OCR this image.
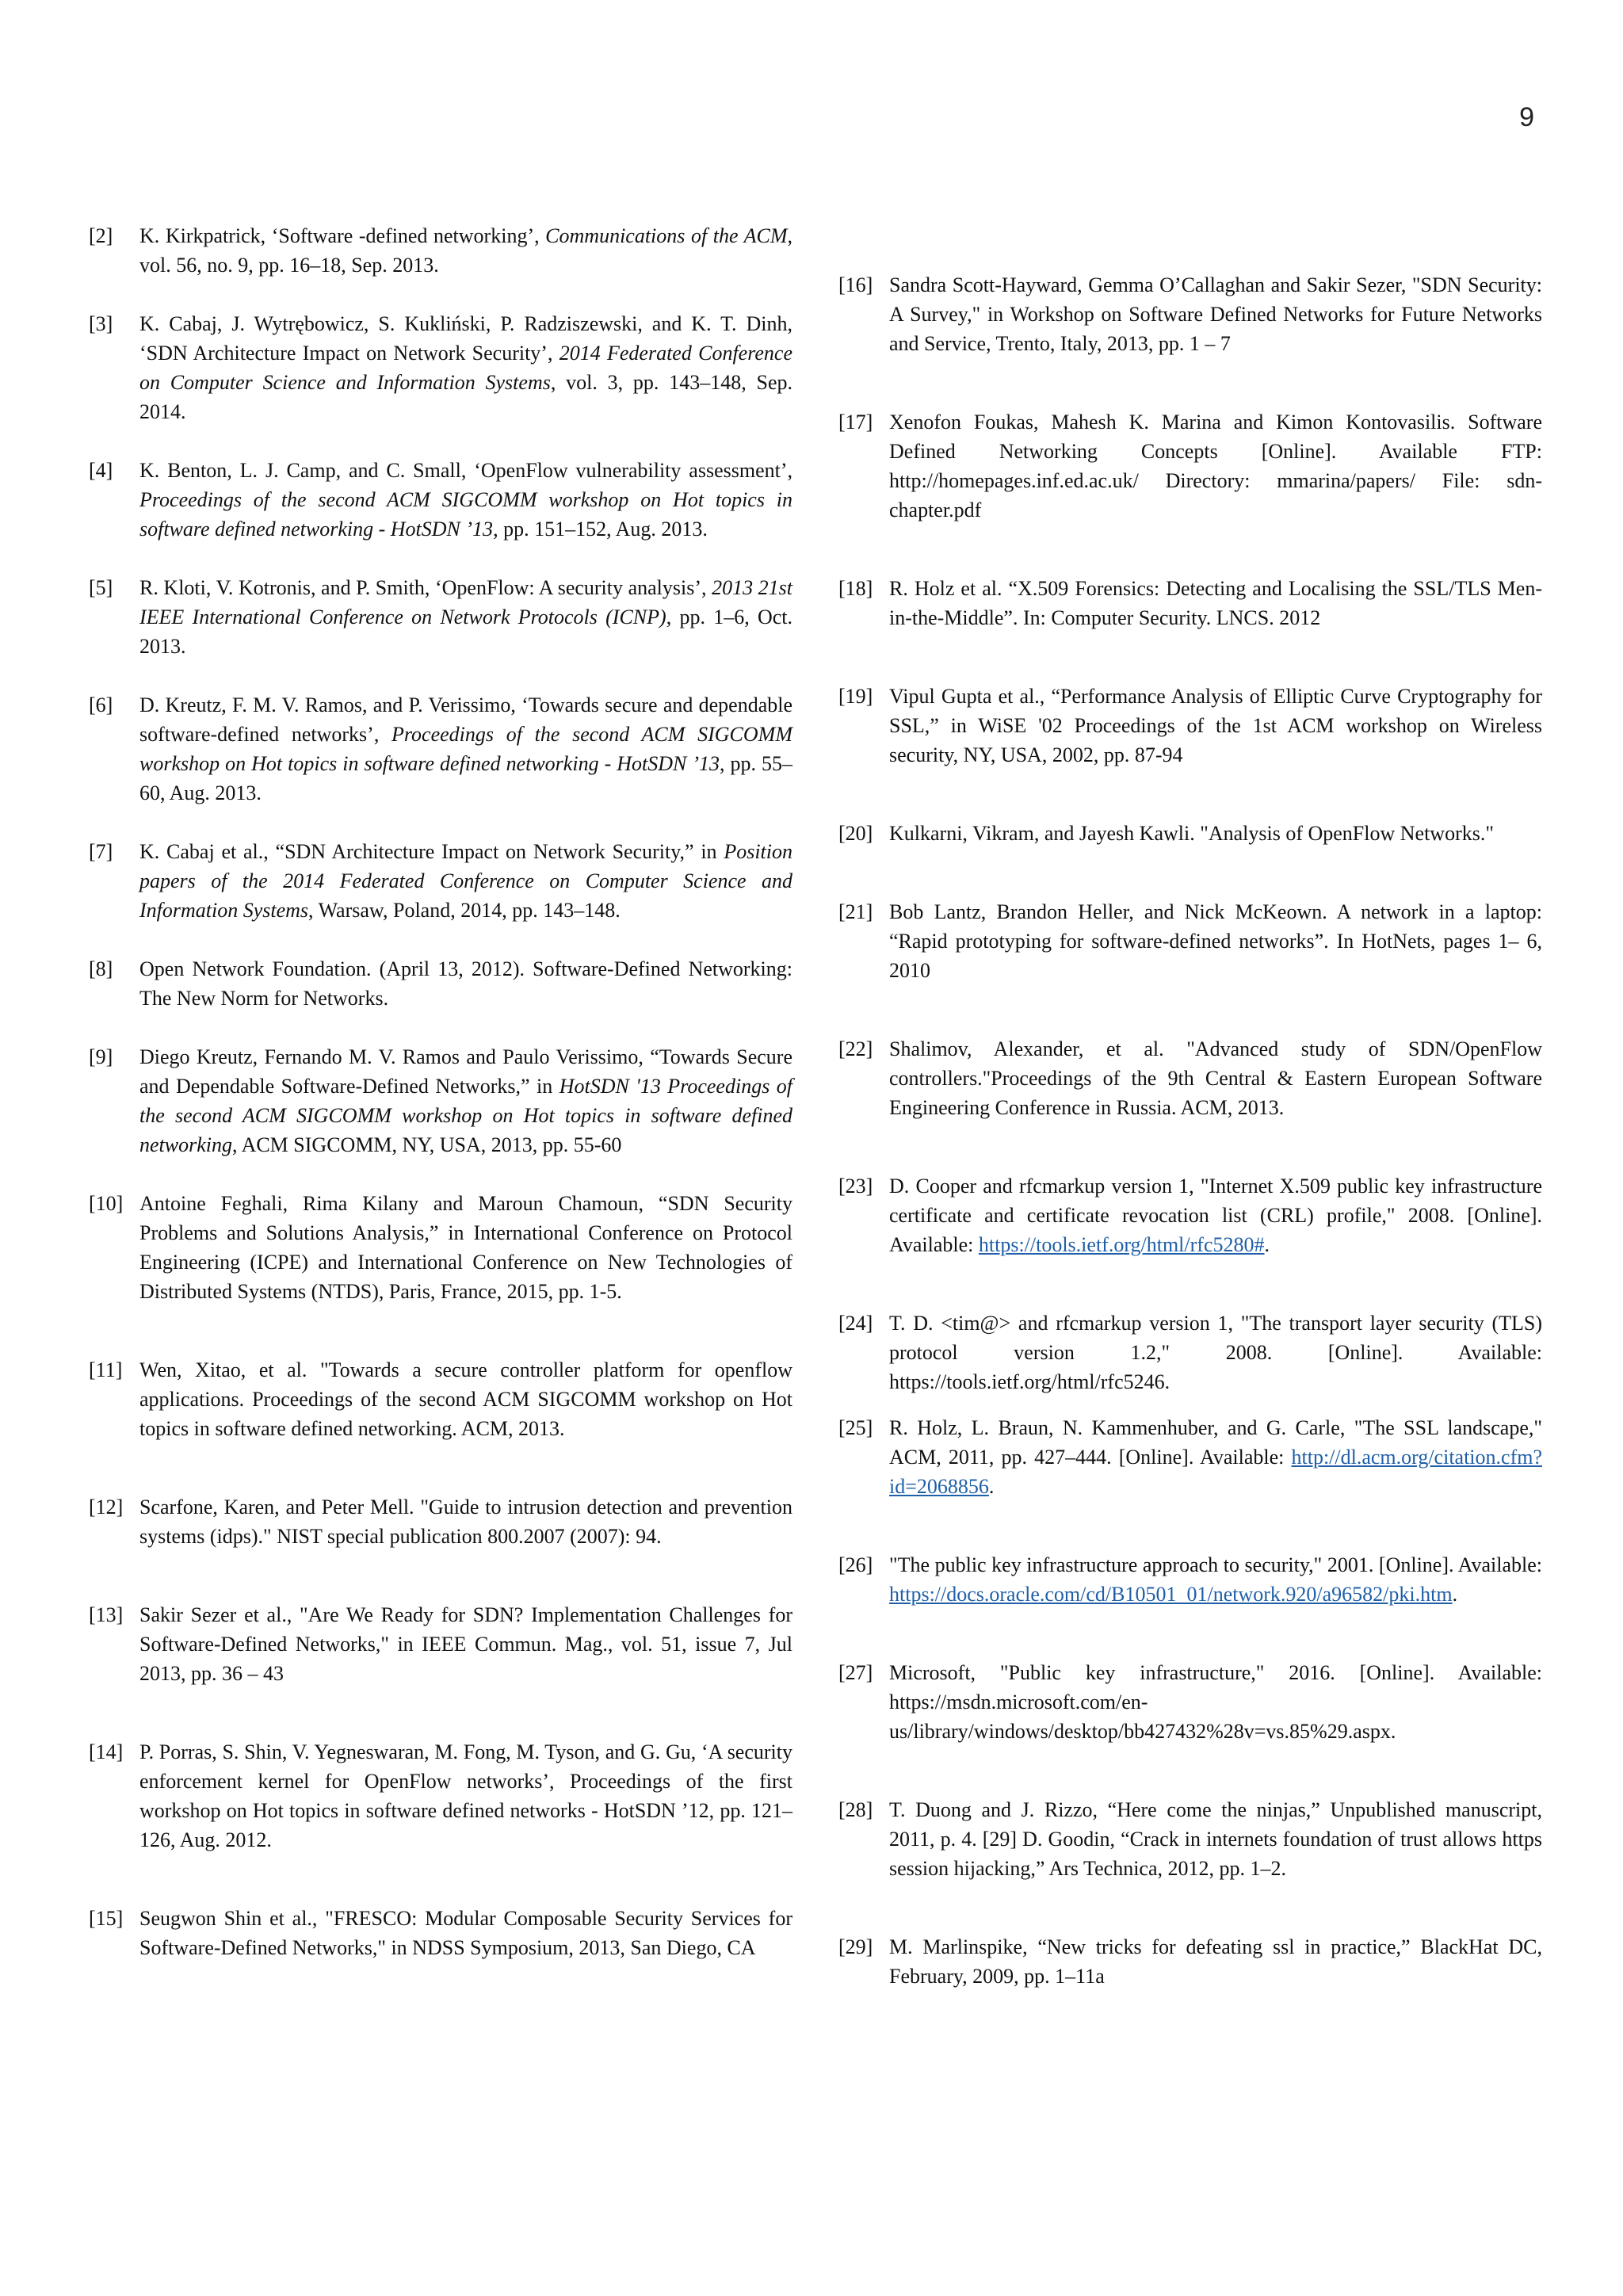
9
[2]	K. Kirkpatrick, ‘Software -defined networking’, Communications of the ACM, vol. 56, no. 9, pp. 16–18, Sep. 2013.
[3]	K. Cabaj, J. Wytrębowicz, S. Kukliński, P. Radziszewski, and K. T. Dinh, ‘SDN Architecture Impact on Network Security’, 2014 Federated Conference on Computer Science and Information Systems, vol. 3, pp. 143–148, Sep. 2014.
[4]	K. Benton, L. J. Camp, and C. Small, ‘OpenFlow vulnerability assessment’, Proceedings of the second ACM SIGCOMM workshop on Hot topics in software defined networking - HotSDN ’13, pp. 151–152, Aug. 2013.
[5]	R. Kloti, V. Kotronis, and P. Smith, ‘OpenFlow: A security analysis’, 2013 21st IEEE International Conference on Network Protocols (ICNP), pp. 1–6, Oct. 2013.
[6]	D. Kreutz, F. M. V. Ramos, and P. Verissimo, ‘Towards secure and dependable software-defined networks’, Proceedings of the second ACM SIGCOMM workshop on Hot topics in software defined networking - HotSDN ’13, pp. 55–60, Aug. 2013.
[7]	K. Cabaj et al., “SDN Architecture Impact on Network Security,” in Position papers of the 2014 Federated Conference on Computer Science and Information Systems, Warsaw, Poland, 2014, pp. 143–148.
[8]	Open Network Foundation. (April 13, 2012). Software-Defined Networking: The New Norm for Networks.
[9]	Diego Kreutz, Fernando M. V. Ramos and Paulo Verissimo, “Towards Secure and Dependable Software-Defined Networks,” in HotSDN '13 Proceedings of the second ACM SIGCOMM workshop on Hot topics in software defined networking, ACM SIGCOMM, NY, USA, 2013, pp. 55-60
[10] Antoine Feghali, Rima Kilany and Maroun Chamoun, “SDN Security Problems and Solutions Analysis,” in International Conference on Protocol Engineering (ICPE) and International Conference on New Technologies of Distributed Systems (NTDS), Paris, France, 2015, pp. 1-5.
[11] Wen, Xitao, et al. "Towards a secure controller platform for openflow applications. Proceedings of the second ACM SIGCOMM workshop on Hot topics in software defined networking. ACM, 2013.
[12] Scarfone, Karen, and Peter Mell. "Guide to intrusion detection and prevention systems (idps)." NIST special publication 800.2007 (2007): 94.
[13] Sakir Sezer et al., "Are We Ready for SDN? Implementation Challenges for Software-Defined Networks," in IEEE Commun. Mag., vol. 51, issue 7, Jul 2013, pp. 36 – 43
[14] P. Porras, S. Shin, V. Yegneswaran, M. Fong, M. Tyson, and G. Gu, ‘A security enforcement kernel for OpenFlow networks’, Proceedings of the first workshop on Hot topics in software defined networks - HotSDN ’12, pp. 121–126, Aug. 2012.
[15] Seugwon Shin et al., "FRESCO: Modular Composable Security Services for Software-Defined Networks," in NDSS Symposium, 2013, San Diego, CA
[16] Sandra Scott-Hayward, Gemma O’Callaghan and Sakir Sezer, "SDN Security: A Survey," in Workshop on Software Defined Networks for Future Networks and Service, Trento, Italy, 2013, pp. 1 – 7
[17] Xenofon Foukas, Mahesh K. Marina and Kimon Kontovasilis. Software Defined Networking Concepts [Online]. Available FTP: http://homepages.inf.ed.ac.uk/ Directory: mmarina/papers/ File: sdn-chapter.pdf
[18] R. Holz et al. “X.509 Forensics: Detecting and Localising the SSL/TLS Men-in-the-Middle”. In: Computer Security. LNCS. 2012
[19] Vipul Gupta et al., “Performance Analysis of Elliptic Curve Cryptography for SSL,” in WiSE '02 Proceedings of the 1st ACM workshop on Wireless security, NY, USA, 2002, pp. 87-94
[20] Kulkarni, Vikram, and Jayesh Kawli. "Analysis of OpenFlow Networks."
[21] Bob Lantz, Brandon Heller, and Nick McKeown. A network in a laptop: “Rapid prototyping for software-defined networks”. In HotNets, pages 1– 6, 2010
[22] Shalimov, Alexander, et al. "Advanced study of SDN/OpenFlow controllers."Proceedings of the 9th Central & Eastern European Software Engineering Conference in Russia. ACM, 2013.
[23] D. Cooper and rfcmarkup version 1, "Internet X.509 public key infrastructure certificate and certificate revocation list (CRL) profile," 2008. [Online]. Available: https://tools.ietf.org/html/rfc5280#.
[24] T. D. <tim@> and rfcmarkup version 1, "The transport layer security (TLS) protocol version 1.2," 2008. [Online]. Available: https://tools.ietf.org/html/rfc5246.
[25] R. Holz, L. Braun, N. Kammenhuber, and G. Carle, "The SSL landscape," ACM, 2011, pp. 427–444. [Online]. Available: http://dl.acm.org/citation.cfm?id=2068856.
[26] "The public key infrastructure approach to security," 2001. [Online]. Available: https://docs.oracle.com/cd/B10501_01/network.920/a96582/pki.htm.
[27] Microsoft, "Public key infrastructure," 2016. [Online]. Available: https://msdn.microsoft.com/en-us/library/windows/desktop/bb427432%28v=vs.85%29.aspx.
[28] T. Duong and J. Rizzo, “Here come the ninjas,” Unpublished manuscript, 2011, p. 4. [29] D. Goodin, “Crack in internets foundation of trust allows https session hijacking,” Ars Technica, 2012, pp. 1–2.
[29] M. Marlinspike, “New tricks for defeating ssl in practice,” BlackHat DC, February, 2009, pp. 1–11a
